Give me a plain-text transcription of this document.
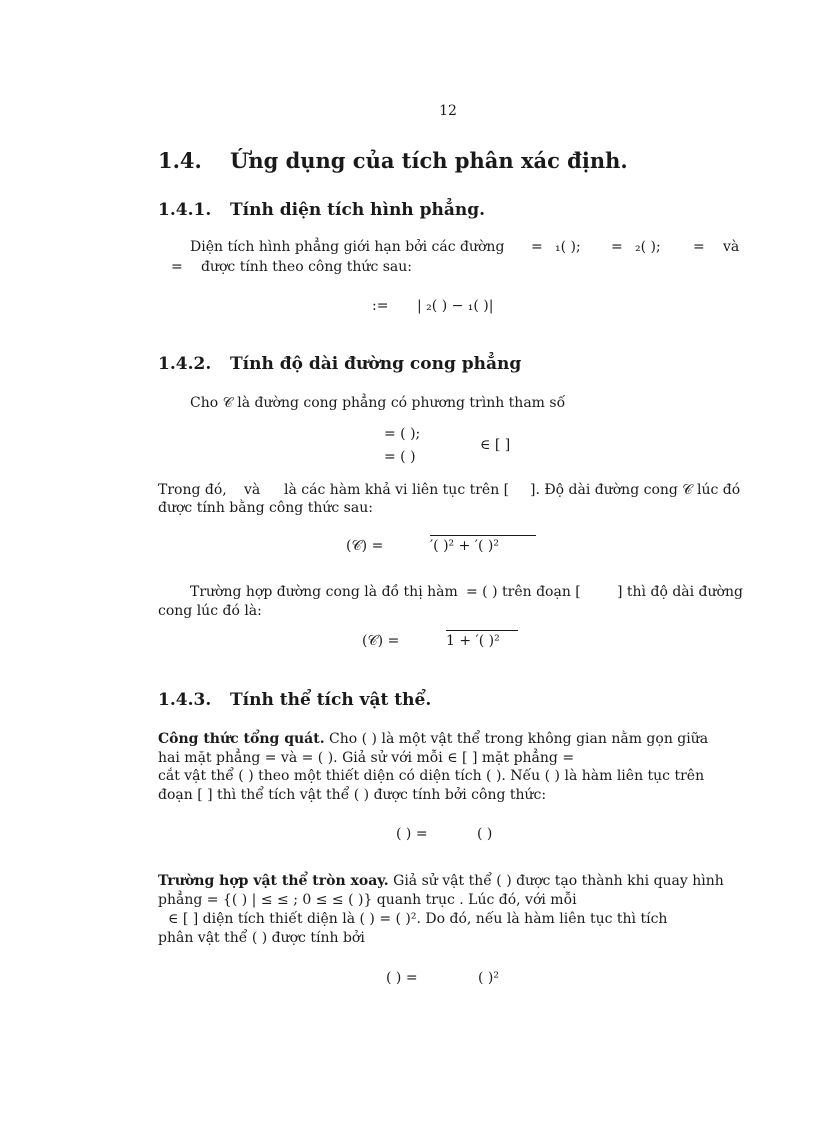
12
1.4. Ứng dụng của tích phân xác định.
1.4.1. Tính diện tích hình phẳng.
Diện tích hình phẳng giới hạn bởi các đường = ₁( ); = ₂( ); = và
= được tính theo công thức sau:
:= | ₂( ) − ₁( )|
1.4.2. Tính độ dài đường cong phẳng
Cho 𝒞 là đường cong phẳng có phương trình tham số
= ( );
= ( )
∈ [ ]
Trong đó, và là các hàm khả vi liên tục trên [ ]. Độ dài đường cong 𝒞 lúc đó
được tính bằng công thức sau:
(𝒞) =	′( )² + ′( )²
Trường hợp đường cong là đồ thị hàm = ( ) trên đoạn [	] thì độ dài đường
cong lúc đó là:
(𝒞) =	1 + ′( )²
1.4.3. Tính thể tích vật thể.
Công thức tổng quát. Cho ( ) là một vật thể trong không gian nằm gọn giữa
hai mặt phẳng = và = ( ). Giả sử với mỗi ∈ [ ] mặt phẳng =
cắt vật thể ( ) theo một thiết diện có diện tích ( ). Nếu ( ) là hàm liên tục trên
đoạn [ ] thì thể tích vật thể ( ) được tính bởi công thức:
( ) =	( )
Trường hợp vật thể tròn xoay. Giả sử vật thể ( ) được tạo thành khi quay hình
phẳng = {( ) | ≤ ≤ ; 0 ≤ ≤ ( )} quanh trục . Lúc đó, với mỗi
∈ [ ] diện tích thiết diện là ( ) = ( )². Do đó, nếu là hàm liên tục thì tích
phân vật thể ( ) được tính bởi
( ) =	( )²
